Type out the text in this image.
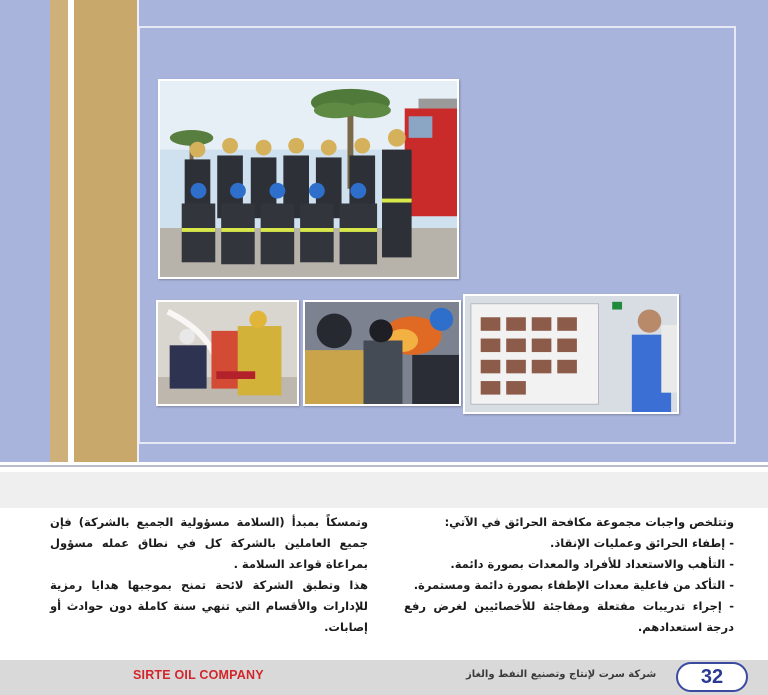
وتتلخص واجبات مجموعة مكافحة الحرائق في الآتي:

- إطفاء الحرائق وعمليات الإنقاذ.

- التأهب والاستعداد للأفراد والمعدات بصورة دائمة.

- التأكد من فاعلية معدات الإطفاء بصورة دائمة ومستمرة.

- إجراء تدريبات مفتعلة ومفاجئة للأخصائيين لغرض رفع درجة استعدادهم.

وتمسكاً بمبدأ (السلامة مسؤولية الجميع بالشركة) فإن جميع العاملين بالشركة كل في نطاق عمله مسؤول بمراعاة قواعد السلامة .

هذا وتطبق الشركة لائحة تمنح بموجبها هدايا رمزية للإدارات والأقسام التي تنهي سنة كاملة دون حوادث أو إصابات.

SIRTE OIL COMPANY	شركة سرت لإنتاج وتصنيع النفط والغاز	32
